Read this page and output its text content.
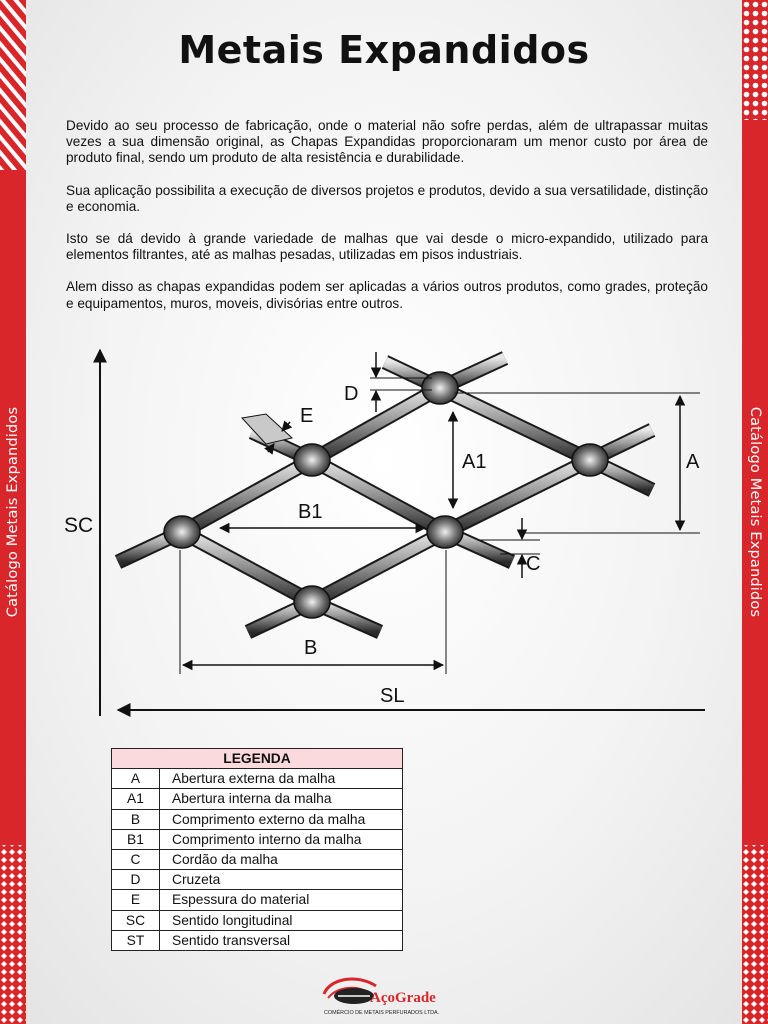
Catálogo Metais Expandidos	Catálogo Metais Expandidos
Metais Expandidos

Devido ao seu processo de fabricação, onde o material não sofre perdas, além de ultrapassar muitas vezes a sua dimensão original, as Chapas Expandidas proporcionaram um menor custo por área de produto final, sendo um produto de alta resistência e durabilidade.

Sua aplicação possibilita a execução de diversos projetos e produtos, devido a sua versatilidade, distinção e economia.

Isto se dá devido à grande variedade de malhas que vai desde o micro-expandido, utilizado para elementos filtrantes, até as malhas pesadas, utilizadas em pisos industriais.

Alem disso as chapas expandidas podem ser aplicadas a vários outros produtos, como grades, proteção e equipamentos, muros, moveis, divisórias entre outros.

SC
SL
A
A1
B1
B
C
D
E
LEGENDA	
A	Abertura externa da malha
A1	Abertura interna da malha
B	Comprimento externo da malha
B1	Comprimento interno da malha
C	Cordão da malha
D	Cruzeta
E	Espessura do material
SC	Sentido longitudinal
ST	Sentido transversal
AçoGrade
COMÉRCIO DE METAIS PERFURADOS LTDA.
